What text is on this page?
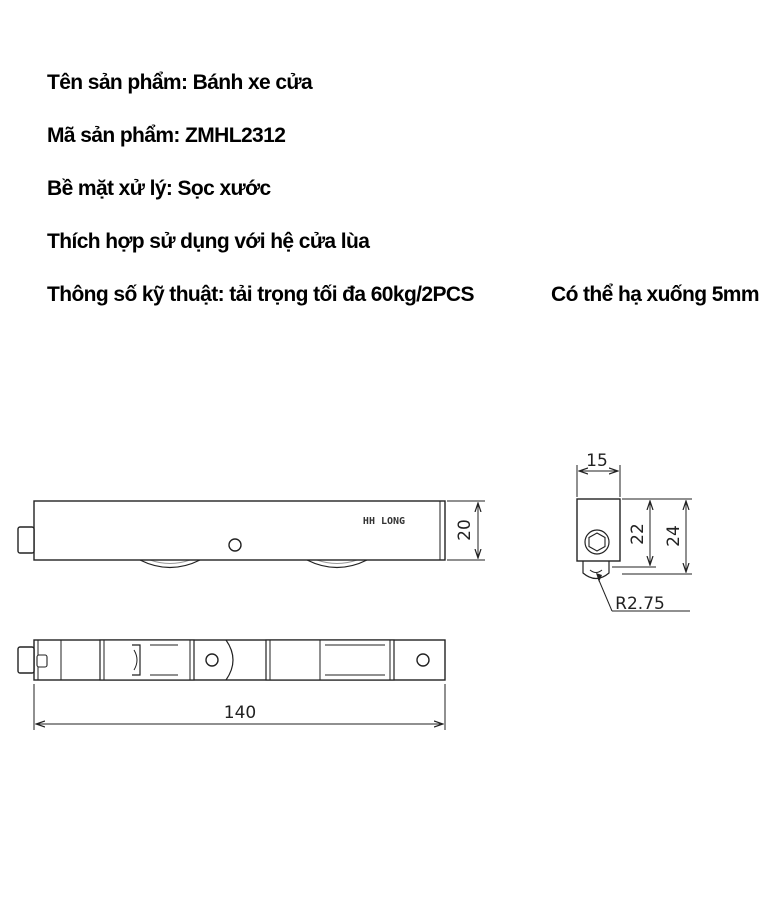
Tên sản phẩm: Bánh xe cửa
Mã sản phẩm: ZMHL2312
Bề mặt xử lý: Sọc xước
Thích hợp sử dụng với hệ cửa lùa
Thông số kỹ thuật: tải trọng tối đa 60kg/2PCS	Có thể hạ xuống 5mm
HH LONG	20
140
15
22 24
R2.75
